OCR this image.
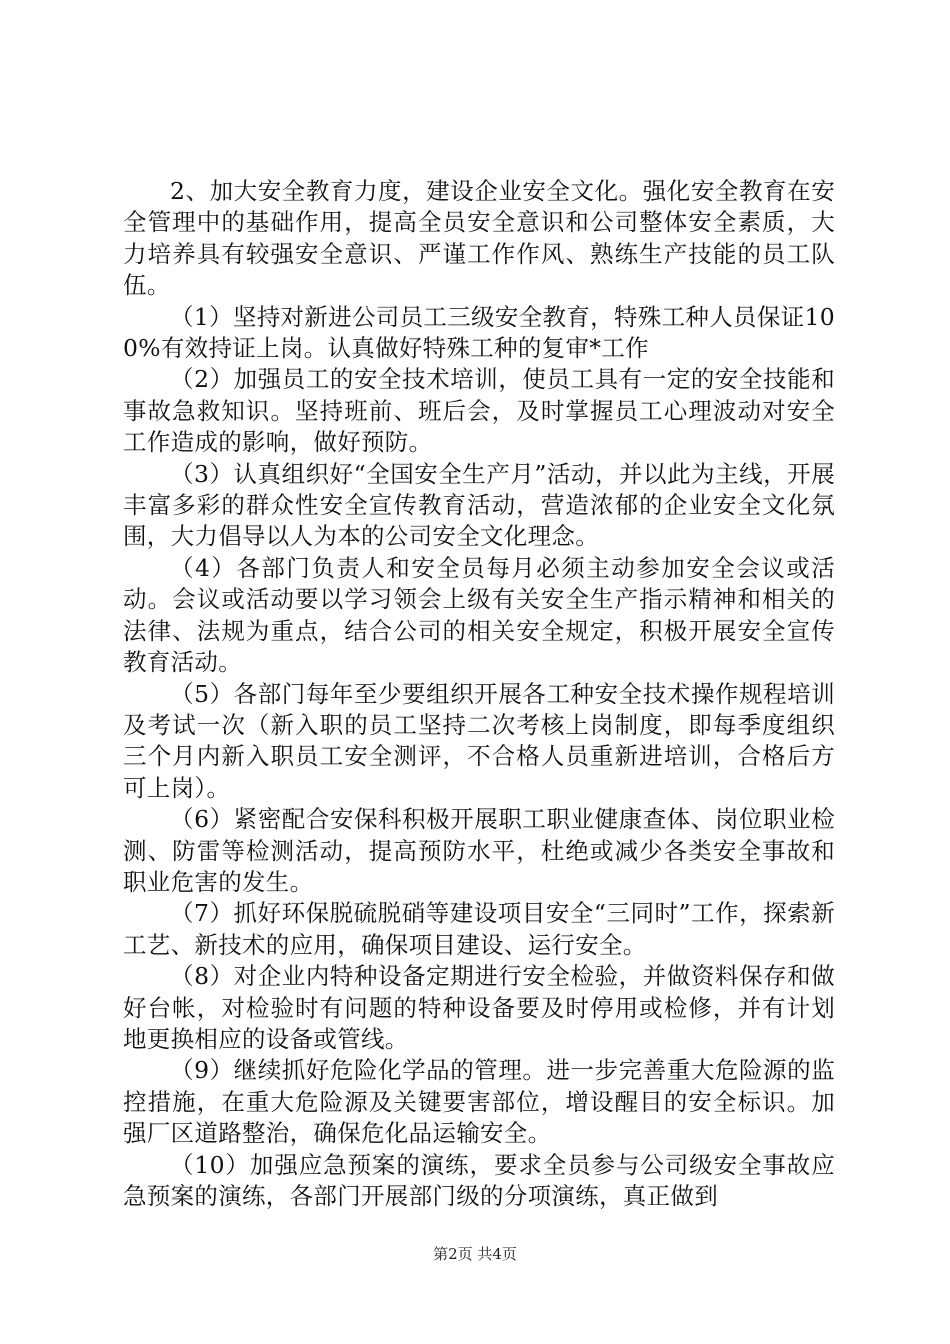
2、加大安全教育力度，建设企业安全文化。强化安全教育在安全管理中的基础作用，提高全员安全意识和公司整体安全素质，大力培养具有较强安全意识、严谨工作作风、熟练生产技能的员工队伍。

（1）坚持对新进公司员工三级安全教育，特殊工种人员保证100%有效持证上岗。认真做好特殊工种的复审*工作

（2）加强员工的安全技术培训，使员工具有一定的安全技能和事故急救知识。坚持班前、班后会，及时掌握员工心理波动对安全工作造成的影响，做好预防。

（3）认真组织好“全国安全生产月”活动，并以此为主线，开展丰富多彩的群众性安全宣传教育活动，营造浓郁的企业安全文化氛围，大力倡导以人为本的公司安全文化理念。

（4）各部门负责人和安全员每月必须主动参加安全会议或活动。会议或活动要以学习领会上级有关安全生产指示精神和相关的法律、法规为重点，结合公司的相关安全规定，积极开展安全宣传教育活动。

（5）各部门每年至少要组织开展各工种安全技术操作规程培训及考试一次（新入职的员工坚持二次考核上岗制度，即每季度组织三个月内新入职员工安全测评，不合格人员重新进培训，合格后方可上岗）。

（6）紧密配合安保科积极开展职工职业健康查体、岗位职业检测、防雷等检测活动，提高预防水平，杜绝或减少各类安全事故和职业危害的发生。

（7）抓好环保脱硫脱硝等建设项目安全“三同时”工作，探索新工艺、新技术的应用，确保项目建设、运行安全。

（8）对企业内特种设备定期进行安全检验，并做资料保存和做好台帐，对检验时有问题的特种设备要及时停用或检修，并有计划地更换相应的设备或管线。

（9）继续抓好危险化学品的管理。进一步完善重大危险源的监控措施，在重大危险源及关键要害部位，增设醒目的安全标识。加强厂区道路整治，确保危化品运输安全。

（10）加强应急预案的演练，要求全员参与公司级安全事故应急预案的演练，各部门开展部门级的分项演练，真正做到

第2页 共4页
